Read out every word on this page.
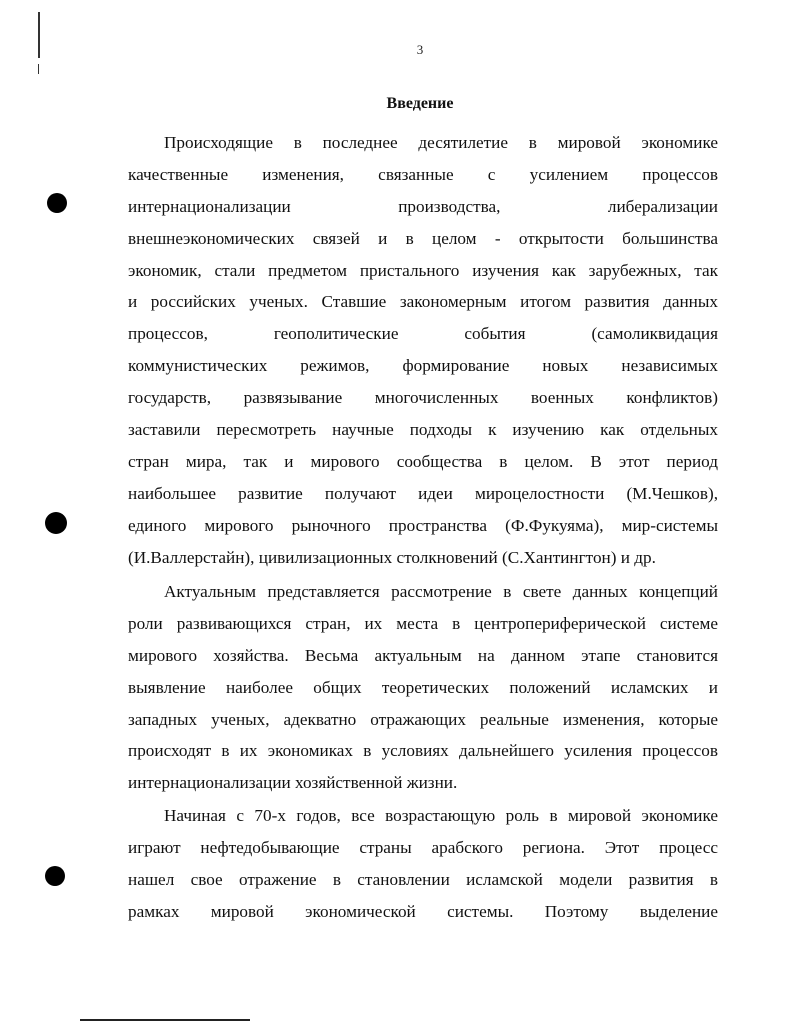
3
Введение
Происходящие в последнее десятилетие в мировой экономике
качественные изменения, связанные с усилением процессов
интернационализации производства, либерализации
внешнеэкономических связей и в целом - открытости большинства
экономик, стали предметом пристального изучения как зарубежных, так
и российских ученых. Ставшие закономерным итогом развития данных
процессов, геополитические события (самоликвидация
коммунистических режимов, формирование новых независимых
государств, развязывание многочисленных военных конфликтов)
заставили пересмотреть научные подходы к изучению как отдельных
стран мира, так и мирового сообщества в целом. В этот период
наибольшее развитие получают идеи мироцелостности (М.Чешков),
единого мирового рыночного пространства (Ф.Фукуяма), мир-системы
(И.Валлерстайн), цивилизационных столкновений (С.Хантингтон) и др.
Актуальным представляется рассмотрение в свете данных концепций
роли развивающихся стран, их места в центропериферической системе
мирового хозяйства. Весьма актуальным на данном этапе становится
выявление наиболее общих теоретических положений исламских и
западных ученых, адекватно отражающих реальные изменения, которые
происходят в их экономиках в условиях дальнейшего усиления процессов
интернационализации хозяйственной жизни.
Начиная с 70-х годов, все возрастающую роль в мировой экономике
играют нефтедобывающие страны арабского региона. Этот процесс
нашел свое отражение в становлении исламской модели развития в
рамках мировой экономической системы. Поэтому выделение
